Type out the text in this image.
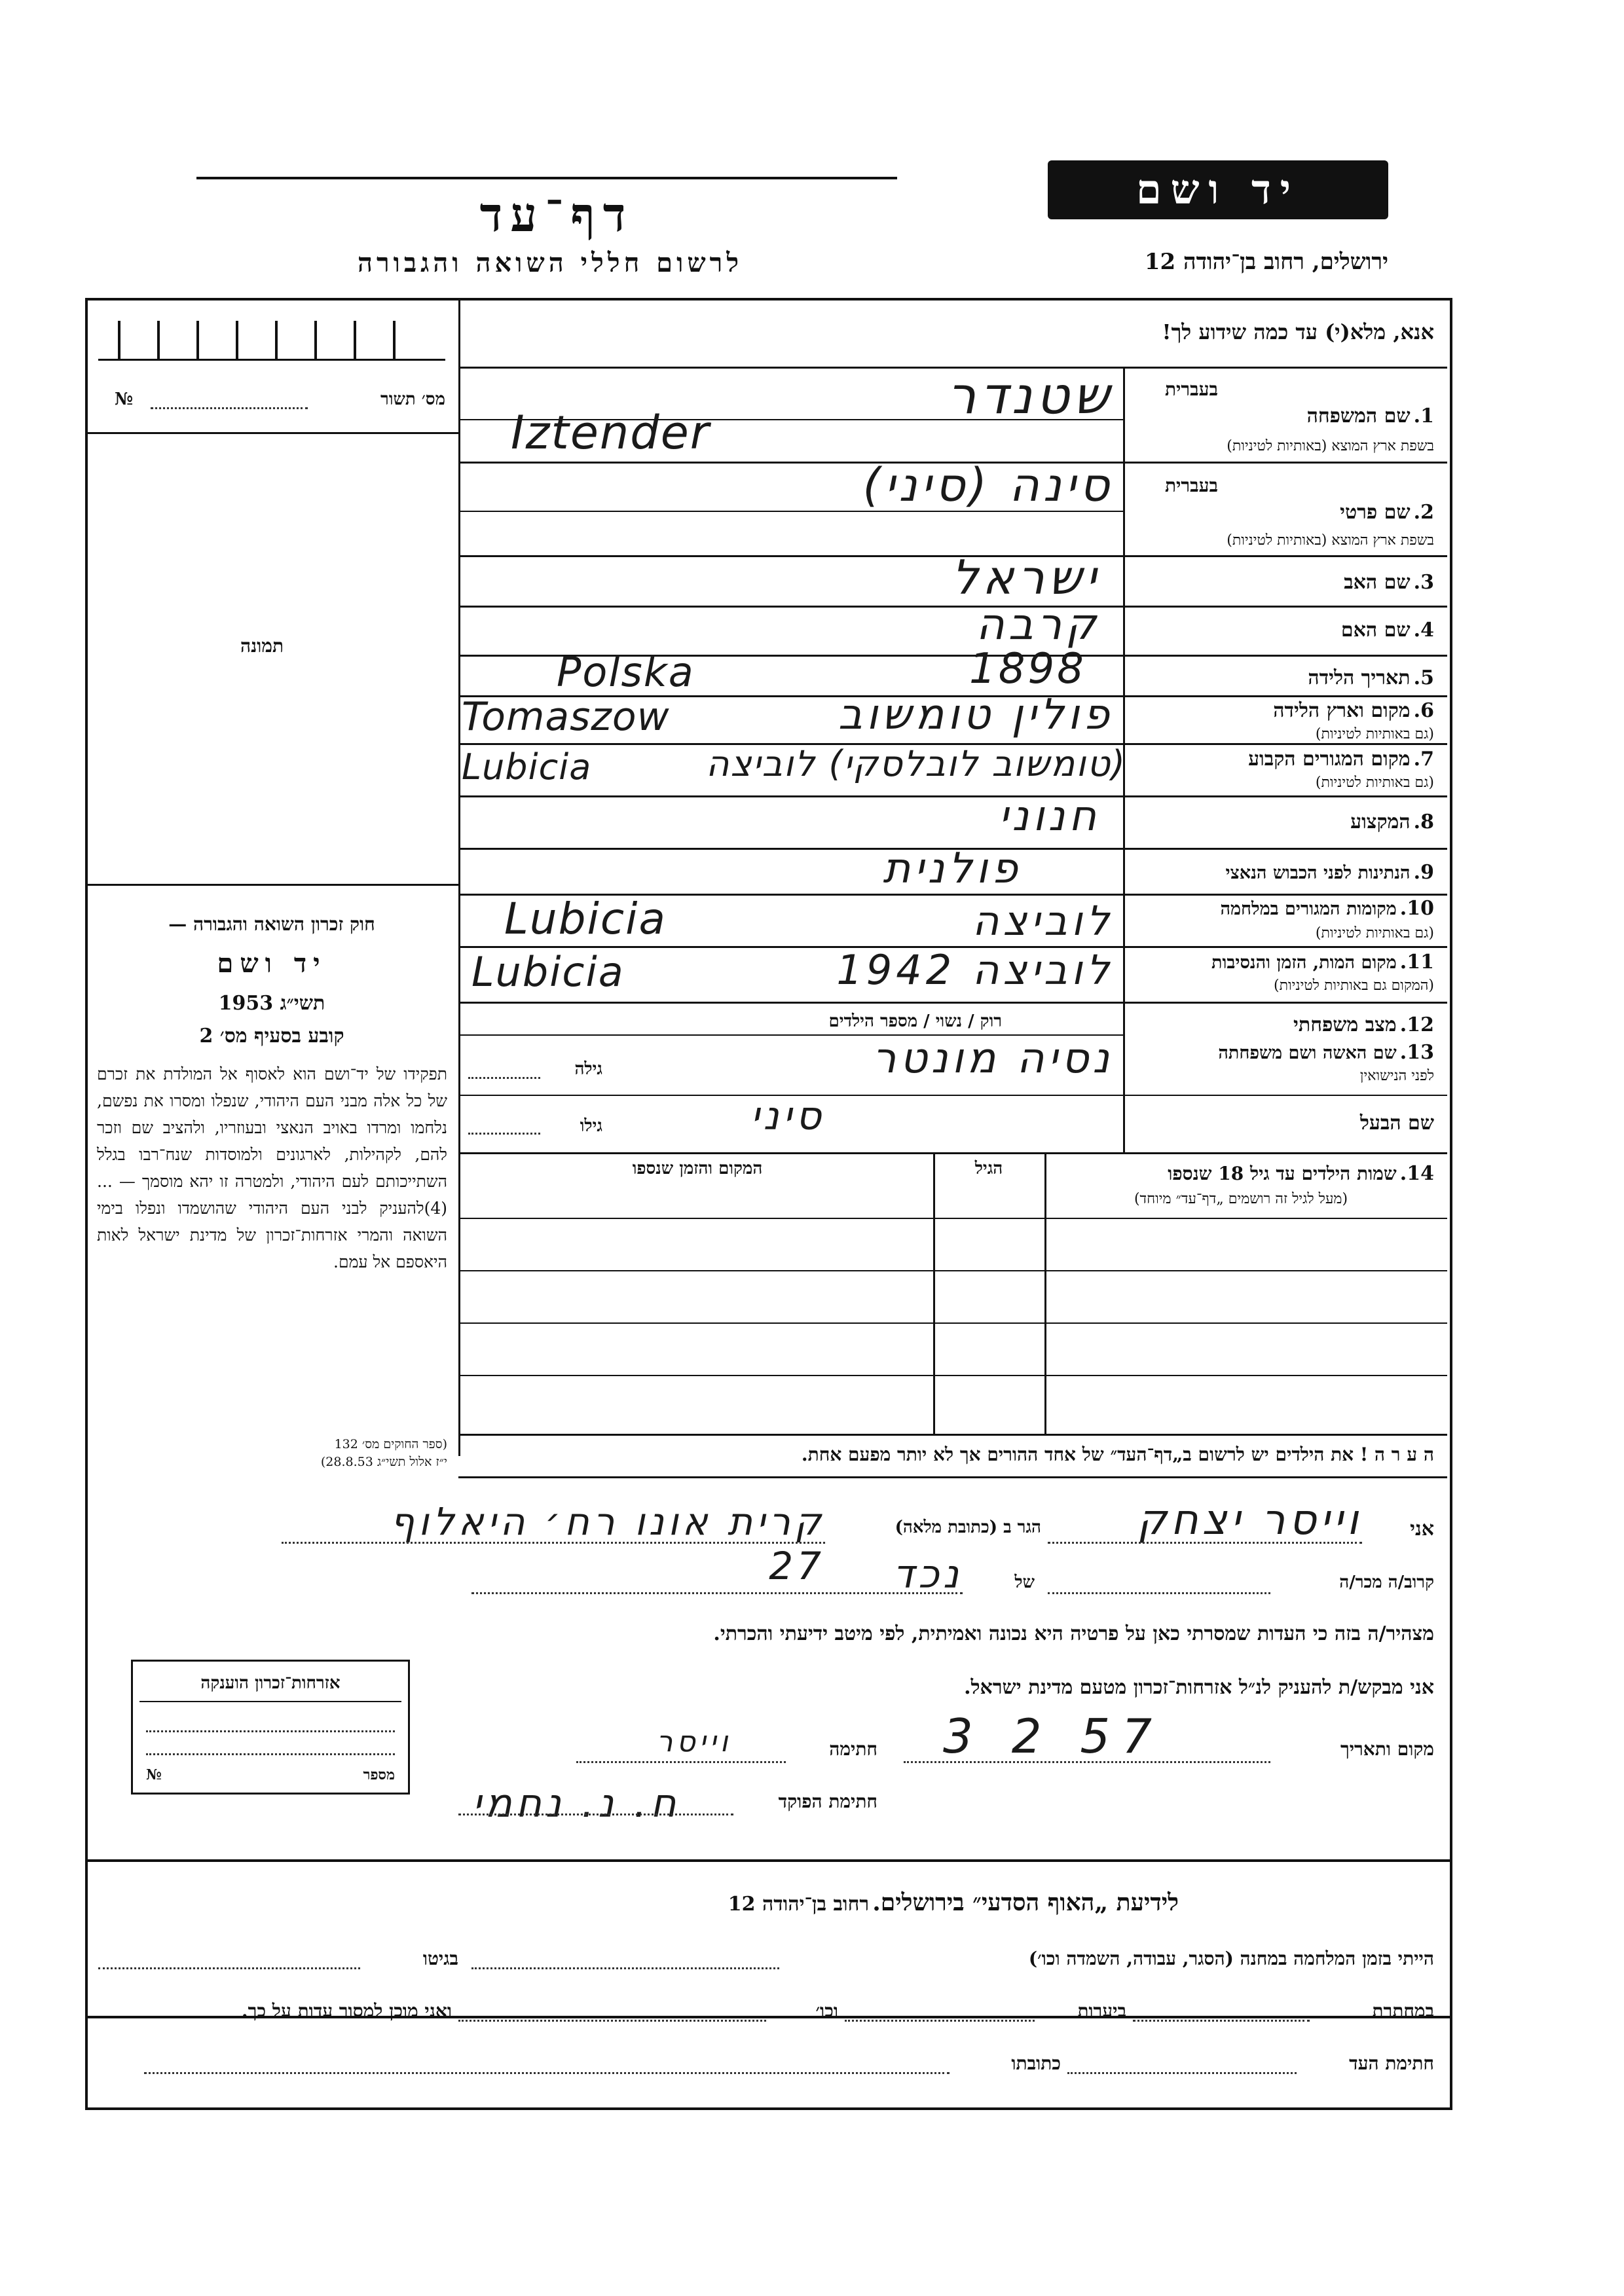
יד ושם
ירושלים, רחוב בן־יהודה 12
דף־עד
לרשום חללי השואה והגבורה
אנא, מלא(י) עד כמה שידוע לך!
מס׳ תשור
№
תמונה
חוק זכרון השואה והגבורה —
יד ושם
תשי״ג 1953
קובע בסעיף מס׳ 2
תפקידו של יד־ושם הוא לאסוף אל המולדת את זכרם של כל אלה מבני העם היהודי, שנפלו ומסרו את נפשם, נלחמו ומרדו באויב הנאצי ובעוזריו, ולהציב שם וזכר להם, לקהילות, לארגונים ולמוסדות שנח־רבו בגלל השתייכותם לעם היהודי, ולמטרה זו יהא מוסמך — ...(4)להעניק לבני העם היהודי שהושמדו ונפלו בימי השואה והמרי אזרחות־זכרון של מדינת ישראל לאות היאספם אל עמם.
(ספר החוקים מס׳ 132
י״ז אלול תשי״ג 28.8.53)
בעברית
1. שם המשפחה
בשפת ארץ המוצא (באותיות לטיניות)
שטנדר
Iztender
בעברית
2. שם פרטי
בשפת ארץ המוצא (באותיות לטיניות)
סינה (סיני)
3. שם האב
ישראל
4. שם האם
קרבה
5. תאריך הלידה
Polska	1898
6. מקום וארץ הלידה
(גם באותיות לטיניות)
Tomaszow	פולין טומשוב
7. מקום המגורים הקבוע
(גם באותיות לטיניות)
Lubicia	(טומשוב לובלסקי) לוביצה
8. המקצוע
חנוני
9. הנתינות לפני הכבוש הנאצי
פולנית
10. מקומות המגורים במלחמה
(גם באותיות לטיניות)
Lubicia	לוביצה
11. מקום המות, הזמן והנסיבות
(המקום גם באותיות לטיניות)
Lubicia	לוביצה 1942
12. מצב משפחתי
רוק / נשוי / מספר הילדים
13. שם האשה ושם משפחתה
לפני הנישואין
נסיה מונטר
גילה
שם הבעל
סיני
גילו
14. שמות הילדים עד גיל 18 שנספו
(מעל לגיל זה רושמים „דף־עד״ מיוחד)
הגיל
המקום והזמן שנספו
ה ע ר ה ! את הילדים יש לרשום ב„דף־העד״ של אחד ההורים אך לא יותר מפעם אחת.
אני
וייסר יצחק
הגר ב (כתובת מלאה)
קרית אונו רח׳ היאלוף 27	קרוב/ה מכר/ה
נכד	של
מצהיר/ה בזה כי העדות שמסרתי כאן על פרטיה היא נכונה ואמיתית, לפי מיטב ידיעתי והכרתי.
אני מבקש/ת להעניק לנ״ל אזרחות־זכרון מטעם מדינת ישראל.
מקום ותאריך
3 2 57
חתימה
וייסר
חתימת הפוקד
ח. נ. נחמי
אזרחות־זכרון הוענקה
מספר
№
לידיעת „האוף הסדעי״ בירושלים. רחוב בן־יהודה 12
הייתי בזמן המלחמה במחנה (הסגר, עבודה, השמדה וכו׳)
בגיטו
במחתרת
ביערות
וכו׳
ואני מוכן למסור עדות על כך.
חתימת העד
כתובתו
